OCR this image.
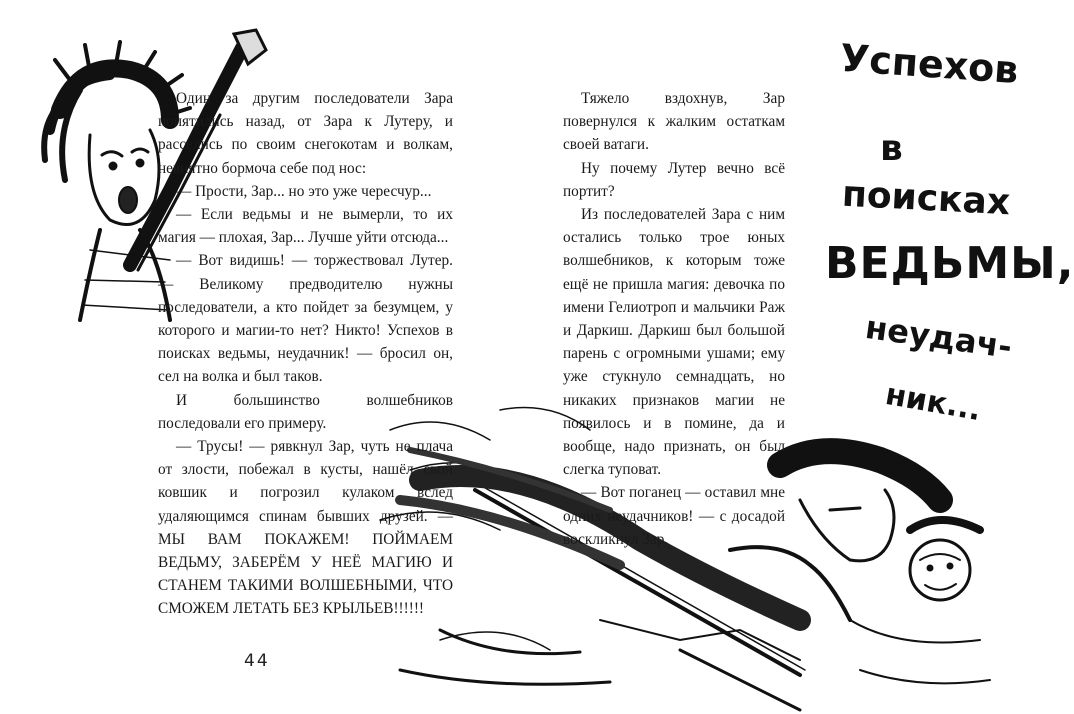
Один за другим последователи Зара попятились назад, от Зара к Лутеру, и расселись по своим снегокотам и волкам, невнятно бормоча себе под нос:

— Прости, Зар... но это уже чересчур...

— Если ведьмы и не вымерли, то их магия — плохая, Зар... Лучше уйти отсюда...

— Вот видишь! — торжествовал Лутер. — Великому предводителю нужны последователи, а кто пойдет за безумцем, у которого и магии-то нет? Никто! Успехов в поисках ведьмы, неудачник! — бросил он, сел на волка и был таков.

И большинство волшебников последовали его примеру.

— Трусы! — рявкнул Зар, чуть не плача от злости, побежал в кусты, нашёл свой ковшик и погрозил кулаком вслед удаляющимся спинам бывших друзей. — МЫ ВАМ ПОКАЖЕМ! ПОЙМАЕМ ВЕДЬМУ, ЗАБЕРЁМ У НЕЁ МАГИЮ И СТАНЕМ ТАКИМИ ВОЛШЕБНЫМИ, ЧТО СМОЖЕМ ЛЕТАТЬ БЕЗ КРЫЛЬЕВ!!!!!!

44

Тяжело вздохнув, Зар повернулся к жалким остаткам своей ватаги.

Ну почему Лутер вечно всё портит?

Из последователей Зара с ним остались только трое юных волшебников, к которым тоже ещё не пришла магия: девочка по имени Гелиотроп и мальчики Раж и Даркиш. Даркиш был большой парень с огромными ушами; ему уже стукнуло семнадцать, но никаких признаков магии не появилось и в помине, да и вообще, надо признать, он был слегка туповат.

— Вот поганец — оставил мне одних неудачников! — с досадой воскликнул Зар.

Успехов
в
поисках
ВЕДЬМЫ,
неудач-
ник...
